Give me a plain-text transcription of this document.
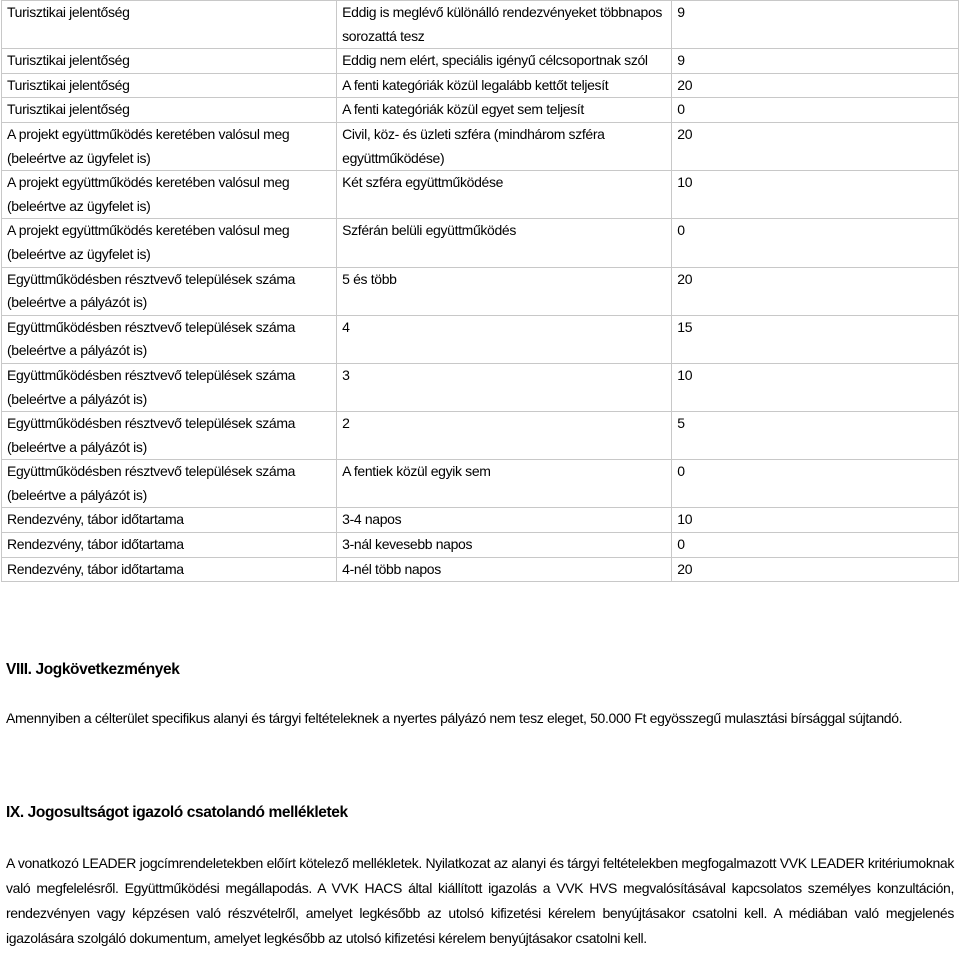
Turisztikai jelentőség	Eddig is meglévő különálló rendezvényeket többnapos sorozattá tesz	9
Turisztikai jelentőség	Eddig nem elért, speciális igényű célcsoportnak szól	9
Turisztikai jelentőség	A fenti kategóriák közül legalább kettőt teljesít	20
Turisztikai jelentőség	A fenti kategóriák közül egyet sem teljesít	0
A projekt együttműködés keretében valósul meg (beleértve az ügyfelet is)	Civil, köz- és üzleti szféra (mindhárom szféra együttműködése)	20
A projekt együttműködés keretében valósul meg (beleértve az ügyfelet is)	Két szféra együttműködése	10
A projekt együttműködés keretében valósul meg (beleértve az ügyfelet is)	Szférán belüli együttműködés	0
Együttműködésben résztvevő települések száma (beleértve a pályázót is)	5 és több	20
Együttműködésben résztvevő települések száma (beleértve a pályázót is)	4	15
Együttműködésben résztvevő települések száma (beleértve a pályázót is)	3	10
Együttműködésben résztvevő települések száma (beleértve a pályázót is)	2	5
Együttműködésben résztvevő települések száma (beleértve a pályázót is)	A fentiek közül egyik sem	0
Rendezvény, tábor időtartama	3-4 napos	10
Rendezvény, tábor időtartama	3-nál kevesebb napos	0
Rendezvény, tábor időtartama	4-nél több napos	20
VIII. Jogkövetkezmények

Amennyiben a célterület specifikus alanyi és tárgyi feltételeknek a nyertes pályázó nem tesz eleget, 50.000 Ft egyösszegű mulasztási bírsággal sújtandó.

IX. Jogosultságot igazoló csatolandó mellékletek

A vonatkozó LEADER jogcímrendeletekben előírt kötelező mellékletek. Nyilatkozat az alanyi és tárgyi feltételekben megfogalmazott VVK LEADER kritériumoknak való megfelelésről. Együttműködési megállapodás. A VVK HACS által kiállított igazolás a VVK HVS megvalósításával kapcsolatos személyes konzultáción, rendezvényen vagy képzésen való részvételről, amelyet legkésőbb az utolsó kifizetési kérelem benyújtásakor csatolni kell. A médiában való megjelenés igazolására szolgáló dokumentum, amelyet legkésőbb az utolsó kifizetési kérelem benyújtásakor csatolni kell.
